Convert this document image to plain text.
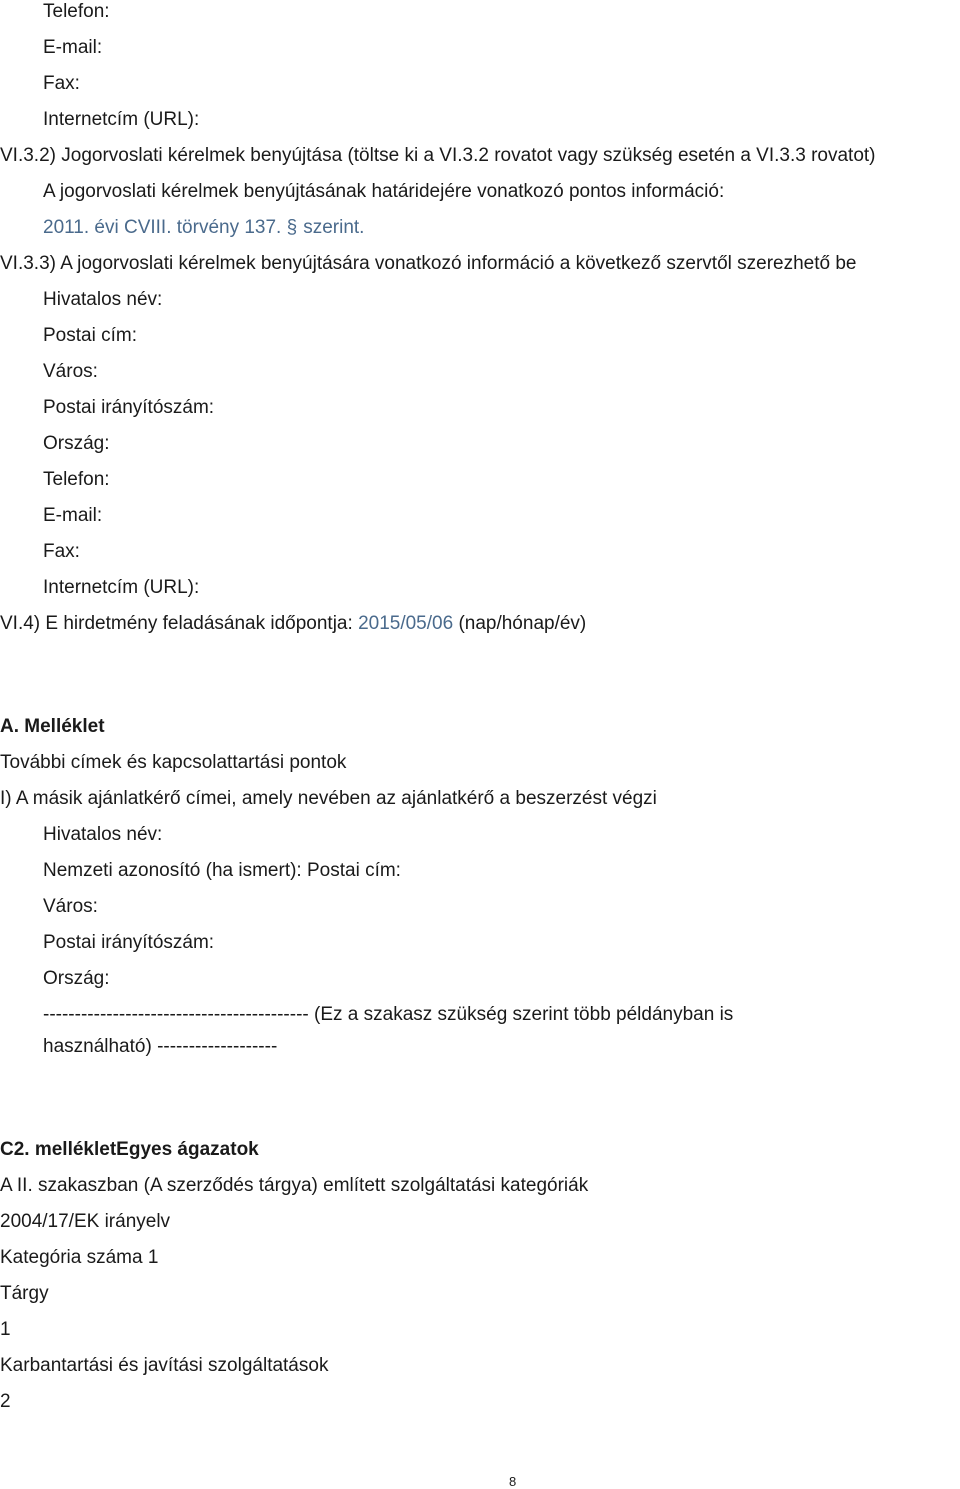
Telefon:
E-mail:
Fax:
Internetcím (URL):
VI.3.2) Jogorvoslati kérelmek benyújtása (töltse ki a VI.3.2 rovatot vagy szükség esetén a VI.3.3 rovatot)
A jogorvoslati kérelmek benyújtásának határidejére vonatkozó pontos információ:
2011. évi CVIII. törvény 137. § szerint.
VI.3.3) A jogorvoslati kérelmek benyújtására vonatkozó információ a következő szervtől szerezhető be
Hivatalos név:
Postai cím:
Város:
Postai irányítószám:
Ország:
Telefon:
E-mail:
Fax:
Internetcím (URL):
VI.4) E hirdetmény feladásának időpontja: 2015/05/06 (nap/hónap/év)
A. Melléklet
További címek és kapcsolattartási pontok
I) A másik ajánlatkérő címei, amely nevében az ajánlatkérő a beszerzést végzi
Hivatalos név:
Nemzeti azonosító (ha ismert): Postai cím:
Város:
Postai irányítószám:
Ország:
------------------------------------------ (Ez a szakasz szükség szerint több példányban is
használható) -------------------
C2. mellékletEgyes ágazatok
A II. szakaszban (A szerződés tárgya) említett szolgáltatási kategóriák
2004/17/EK irányelv
Kategória száma 1
Tárgy
1
Karbantartási és javítási szolgáltatások
2
8
